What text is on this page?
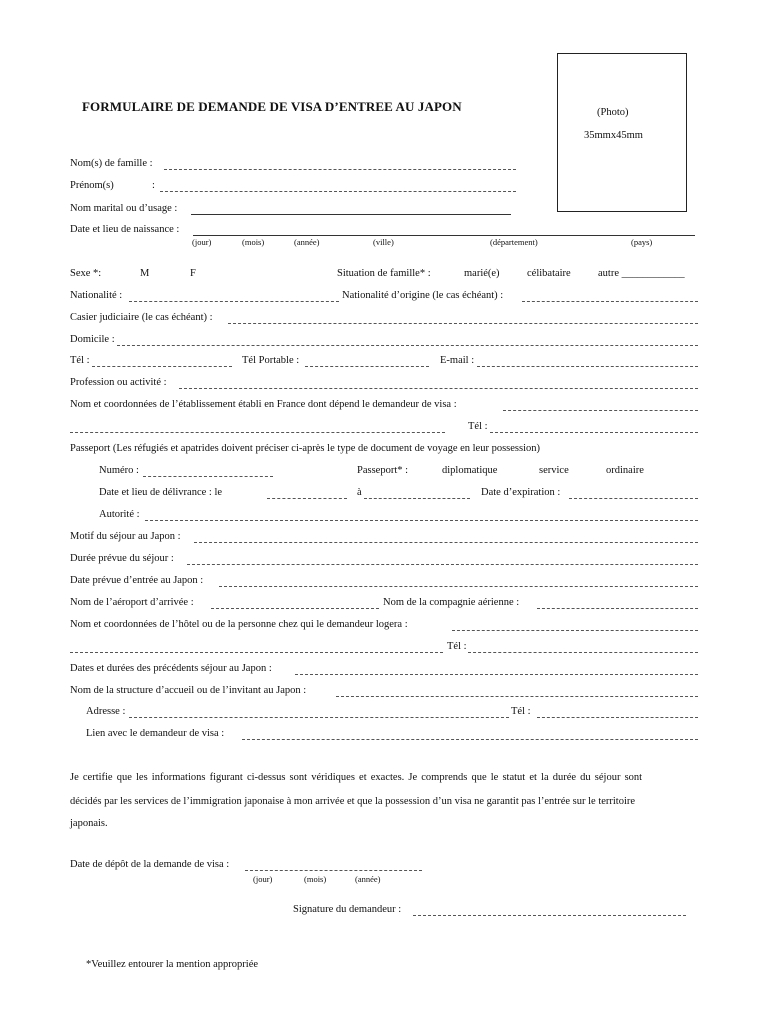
FORMULAIRE DE DEMANDE DE VISA D’ENTREE AU JAPON	(Photo)
35mmx45mm
Nom(s) de famille :
Prénom(s)	:
Nom marital ou d’usage :
Date et lieu de naissance :
(jour)	(mois)	(année)	(ville)	(département)	(pays)
Sexe *:	M	F	Situation de famille* :	marié(e)	célibataire	autre ____________
Nationalité :	Nationalité d’origine (le cas échéant) :
Casier judiciaire (le cas échéant) :
Domicile :
Tél :	Tél Portable :	E-mail :
Profession ou activité :
Nom et coordonnées de l’établissement établi en France dont dépend le demandeur de visa :
Tél :
Passeport (Les réfugiés et apatrides doivent préciser ci-après le type de document de voyage en leur possession)
Numéro :	Passeport* :	diplomatique	service	ordinaire
Date et lieu de délivrance : le	à	Date d’expiration :
Autorité :
Motif du séjour au Japon :
Durée prévue du séjour :
Date prévue d’entrée au Japon :
Nom de l’aéroport d’arrivée :	Nom de la compagnie aérienne :
Nom et coordonnées de l’hôtel ou de la personne chez qui le demandeur logera :
Tél :
Dates et durées des précédents séjour au Japon :
Nom de la structure d’accueil ou de l’invitant au Japon :
Adresse :	Tél :
Lien avec le demandeur de visa :
Je certifie que les informations figurant ci-dessus sont véridiques et exactes. Je comprends que le statut et la durée du séjour sont
décidés par les services de l’immigration japonaise à mon arrivée et que la possession d’un visa ne garantit pas l’entrée sur le territoire
japonais.
Date de dépôt de la demande de visa :
(jour)	(mois)	(année)
Signature du demandeur :
*Veuillez entourer la mention appropriée
